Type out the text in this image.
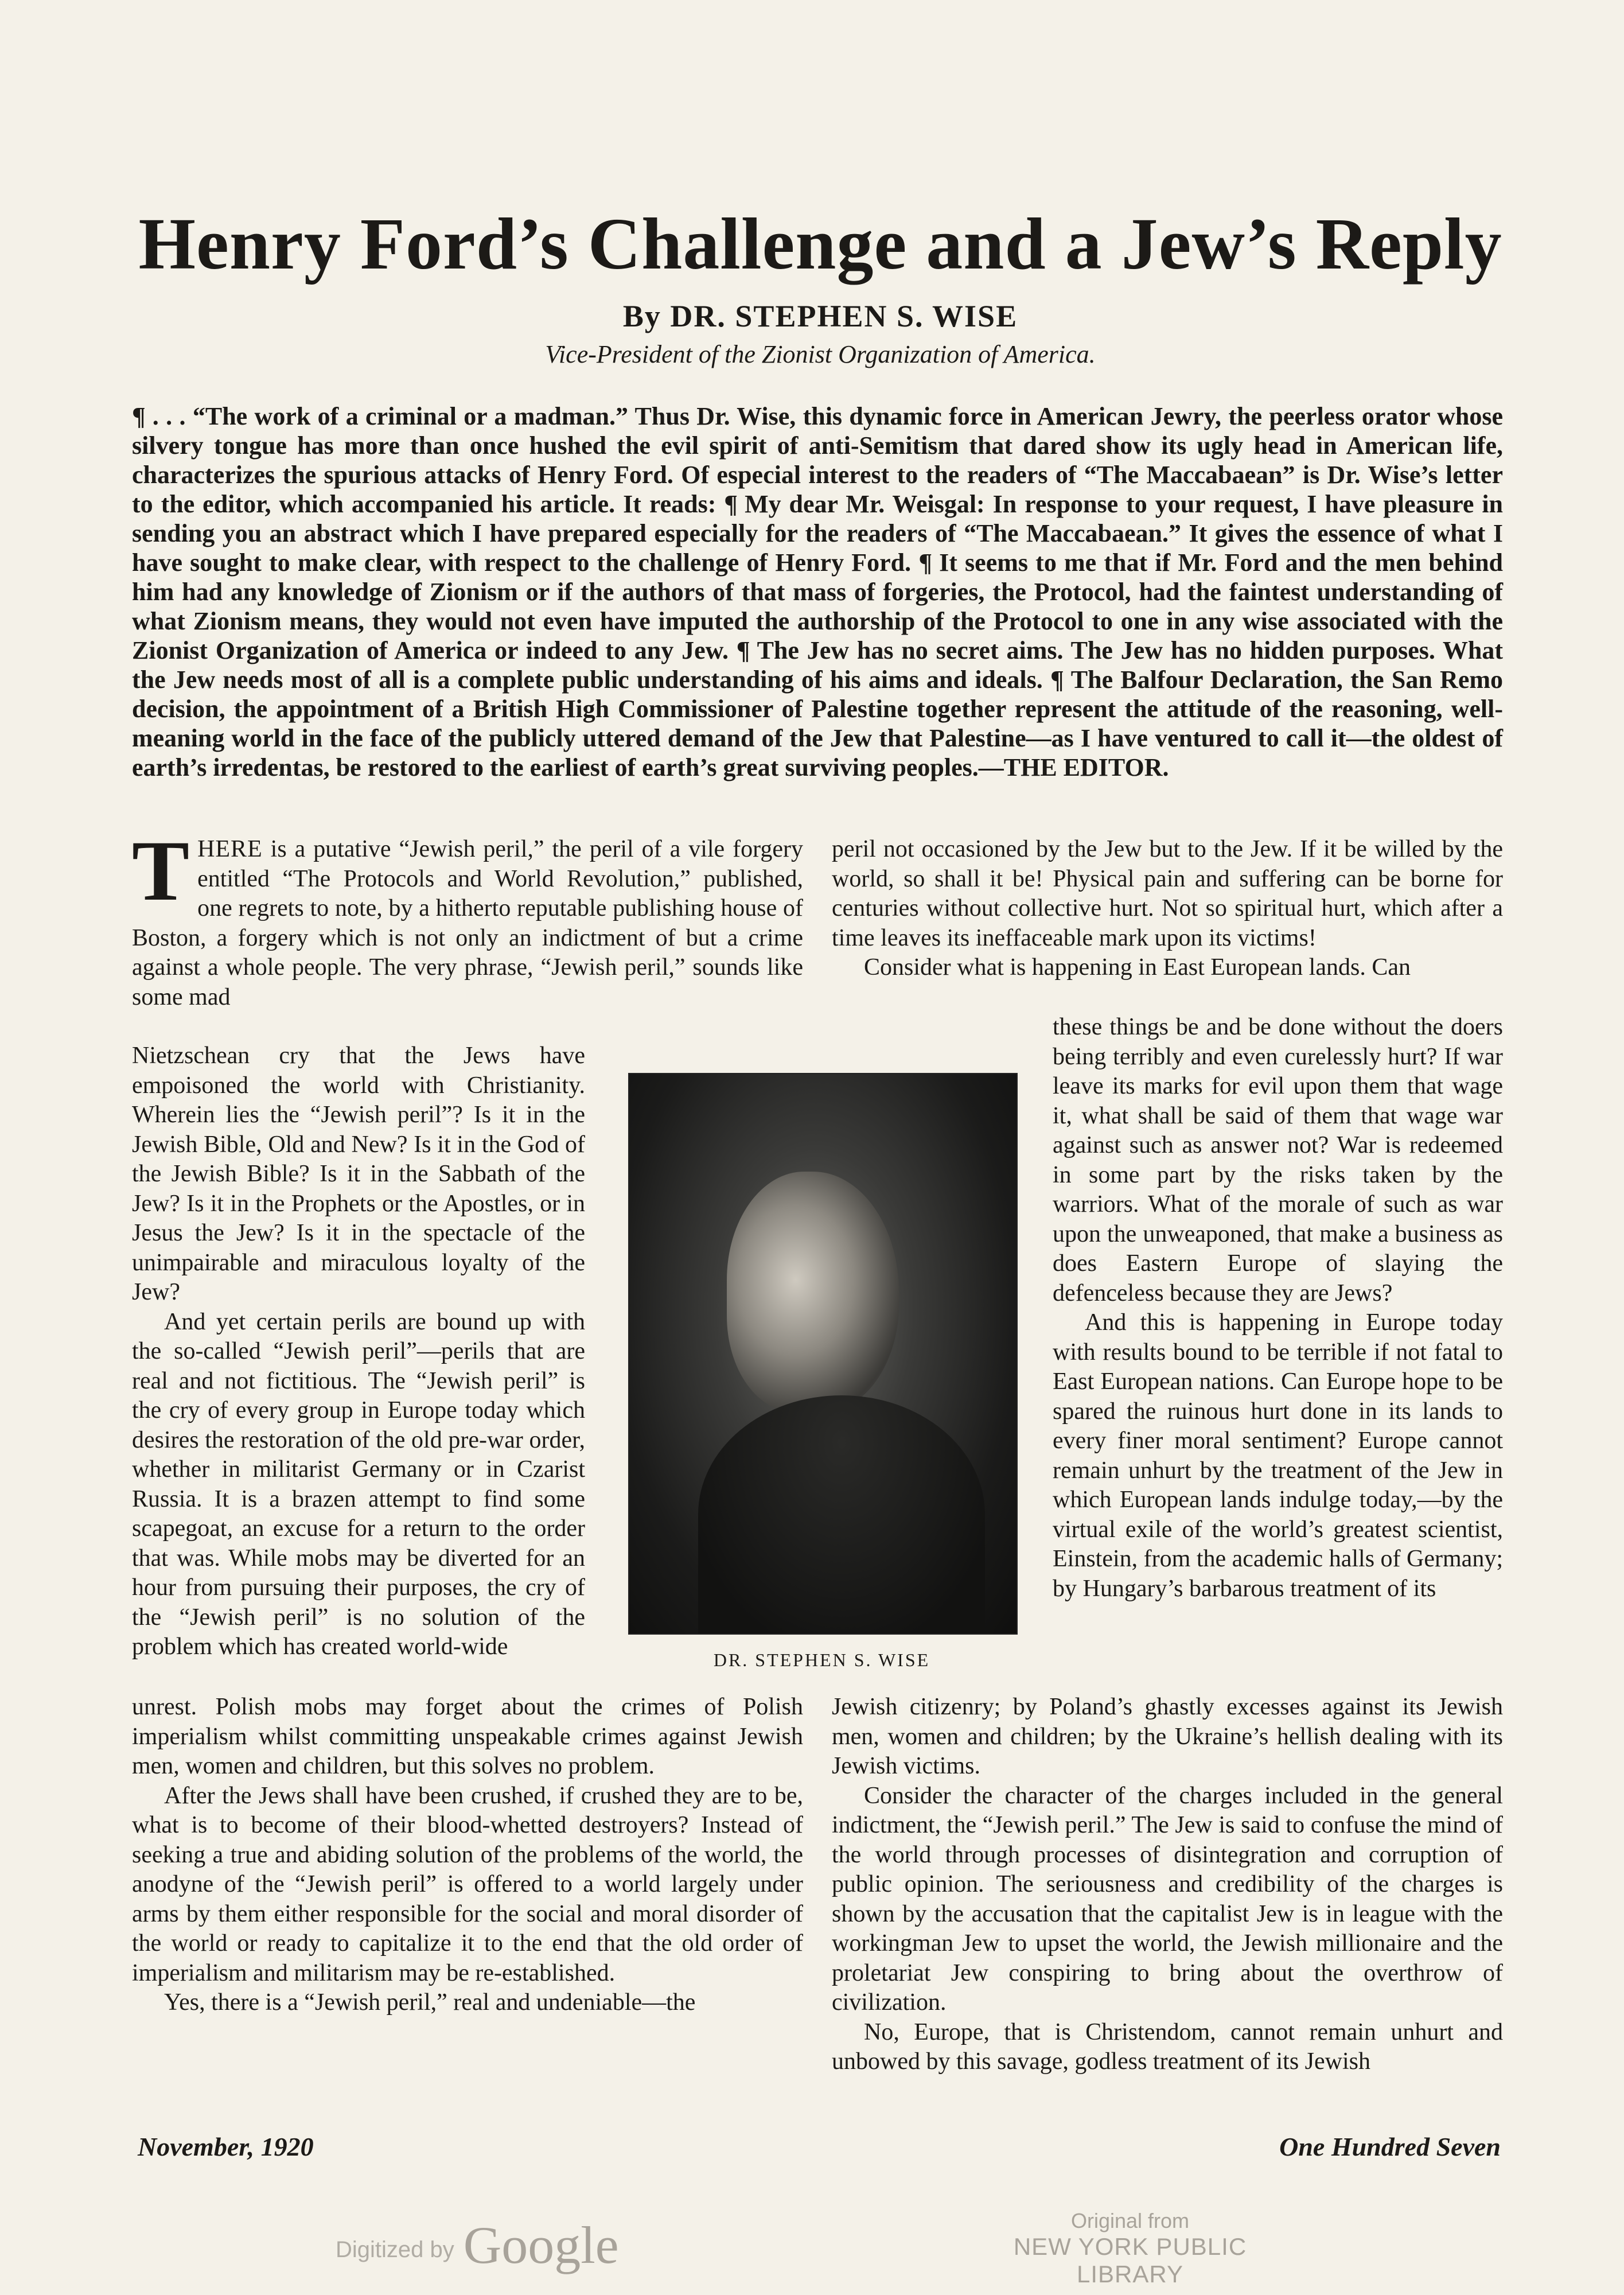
Henry Ford’s Challenge and a Jew’s Reply
By DR. STEPHEN S. WISE
Vice-President of the Zionist Organization of America.
¶ . . . “The work of a criminal or a madman.” Thus Dr. Wise, this dynamic force in American Jewry, the peerless orator whose silvery tongue has more than once hushed the evil spirit of anti-Semitism that dared show its ugly head in American life, characterizes the spurious attacks of Henry Ford. Of especial interest to the readers of “The Maccabaean” is Dr. Wise’s letter to the editor, which accompanied his article. It reads: ¶ My dear Mr. Weisgal: In response to your request, I have pleasure in sending you an abstract which I have prepared especially for the readers of “The Maccabaean.” It gives the essence of what I have sought to make clear, with respect to the challenge of Henry Ford. ¶ It seems to me that if Mr. Ford and the men behind him had any knowledge of Zionism or if the authors of that mass of forgeries, the Protocol, had the faintest understanding of what Zionism means, they would not even have imputed the authorship of the Protocol to one in any wise associated with the Zionist Organization of America or indeed to any Jew. ¶ The Jew has no secret aims. The Jew has no hidden purposes. What the Jew needs most of all is a complete public understanding of his aims and ideals. ¶ The Balfour Declaration, the San Remo decision, the appointment of a British High Commissioner of Palestine together represent the attitude of the reasoning, well-meaning world in the face of the publicly uttered demand of the Jew that Palestine—as I have ventured to call it—the oldest of earth’s irredentas, be restored to the earliest of earth’s great surviving peoples.—

THE EDITOR.

THERE is a putative “Jewish peril,” the peril of a vile forgery entitled “The Protocols and World Revolution,” published, one regrets to note, by a hitherto reputable publishing house of Boston, a forgery which is not only an indictment of but a crime against a whole people. The very phrase, “Jewish peril,” sounds like some mad

Nietzschean cry that the Jews have empoisoned the world with Christianity. Wherein lies the “Jewish peril”? Is it in the Jewish Bible, Old and New? Is it in the God of the Jewish Bible? Is it in the Sabbath of the Jew? Is it in the Prophets or the Apostles, or in Jesus the Jew? Is it in the spectacle of the unimpairable and miraculous loyalty of the Jew?

And yet certain perils are bound up with the so-called “Jewish peril”—perils that are real and not fictitious. The “Jewish peril” is the cry of every group in Europe today which desires the restoration of the old pre-war order, whether in militarist Germany or in Czarist Russia. It is a brazen attempt to find some scapegoat, an excuse for a return to the order that was. While mobs may be diverted for an hour from pursuing their purposes, the cry of the “Jewish peril” is no solution of the problem which has created world-wide

unrest. Polish mobs may forget about the crimes of Polish imperialism whilst committing unspeakable crimes against Jewish men, women and children, but this solves no problem.

After the Jews shall have been crushed, if crushed they are to be, what is to become of their blood-whetted destroyers? Instead of seeking a true and abiding solution of the problems of the world, the anodyne of the “Jewish peril” is offered to a world largely under arms by them either responsible for the social and moral disorder of the world or ready to capitalize it to the end that the old order of imperialism and militarism may be re-established.

Yes, there is a “Jewish peril,” real and undeniable—the

peril not occasioned by the Jew but to the Jew. If it be willed by the world, so shall it be! Physical pain and suffering can be borne for centuries without collective hurt. Not so spiritual hurt, which after a time leaves its ineffaceable mark upon its victims!

Consider what is happening in East European lands. Can

these things be and be done without the doers being terribly and even curelessly hurt? If war leave its marks for evil upon them that wage it, what shall be said of them that wage war against such as answer not? War is redeemed in some part by the risks taken by the warriors. What of the morale of such as war upon the unweaponed, that make a business as does Eastern Europe of slaying the defenceless because they are Jews?

And this is happening in Europe today with results bound to be terrible if not fatal to East European nations. Can Europe hope to be spared the ruinous hurt done in its lands to every finer moral sentiment? Europe cannot remain unhurt by the treatment of the Jew in which European lands indulge today,—by the virtual exile of the world’s greatest scientist, Einstein, from the academic halls of Germany; by Hungary’s barbarous treatment of its

Jewish citizenry; by Poland’s ghastly excesses against its Jewish men, women and children; by the Ukraine’s hellish dealing with its Jewish victims.

Consider the character of the charges included in the general indictment, the “Jewish peril.” The Jew is said to confuse the mind of the world through processes of disintegration and corruption of public opinion. The seriousness and credibility of the charges is shown by the accusation that the capitalist Jew is in league with the workingman Jew to upset the world, the Jewish millionaire and the proletariat Jew conspiring to bring about the overthrow of civilization.

No, Europe, that is Christendom, cannot remain unhurt and unbowed by this savage, godless treatment of its Jewish

DR. STEPHEN S. WISE
November, 1920	One Hundred Seven
Digitized by Google	Original from
NEW YORK PUBLIC LIBRARY
